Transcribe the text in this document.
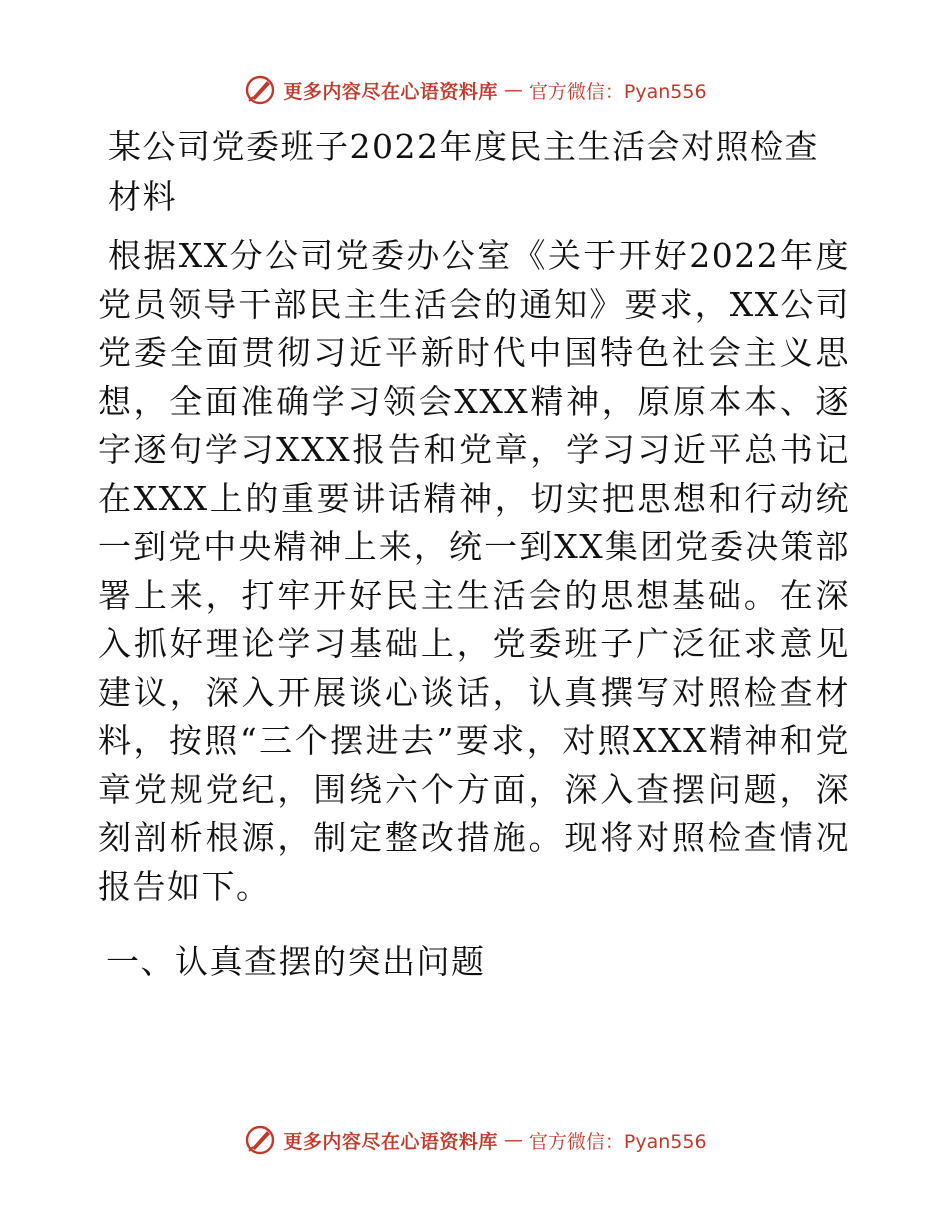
更多内容尽在心语资料库 — 官方微信：Pyan556
某公司党委班子2022年度民主生活会对照检查材料

根据XX分公司党委办公室《关于开好2022年度党员领导干部民主生活会的通知》要求，XX公司党委全面贯彻习近平新时代中国特色社会主义思想，全面准确学习领会XXX精神，原原本本、逐字逐句学习XXX报告和党章，学习习近平总书记在XXX上的重要讲话精神，切实把思想和行动统一到党中央精神上来，统一到XX集团党委决策部署上来，打牢开好民主生活会的思想基础。在深入抓好理论学习基础上，党委班子广泛征求意见建议，深入开展谈心谈话，认真撰写对照检查材料，按照“三个摆进去”要求，对照XXX精神和党章党规党纪，围绕六个方面，深入查摆问题，深刻剖析根源，制定整改措施。现将对照检查情况报告如下。

一、认真查摆的突出问题
更多内容尽在心语资料库 — 官方微信：Pyan556
